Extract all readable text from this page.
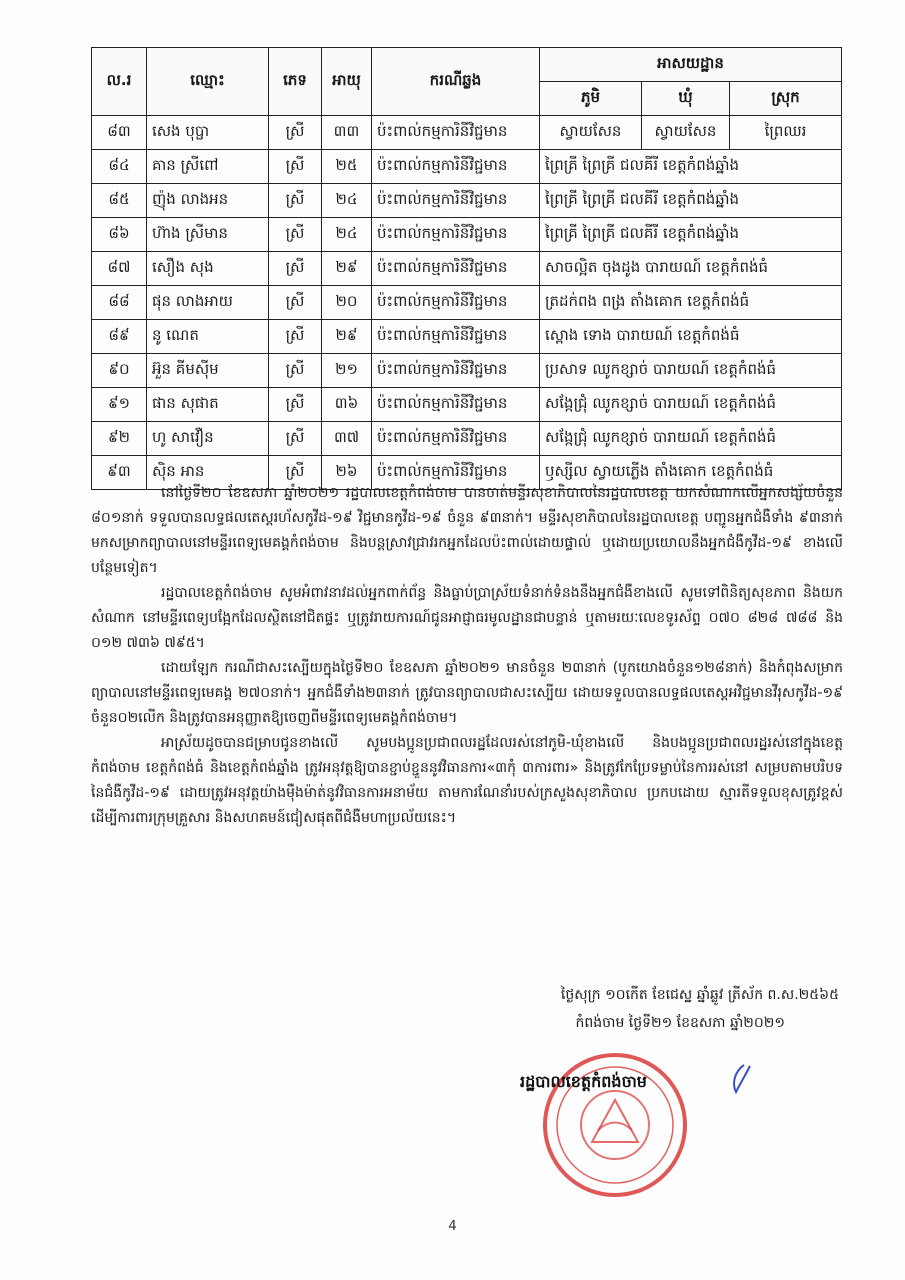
ល.រ	ឈ្មោះ	ភេទ	អាយុ	ករណីឆ្លង	អាសយដ្ឋាន		
					ភូមិ	ឃុំ	ស្រុក
៨៣	សេង បុប្ផា	ស្រី	៣៣	ប៉ះពាល់កម្មការិនីវិជ្ជមាន	ស្វាយសែន	ស្វាយសែន	ព្រៃឈរ
៨៤	គាន ស្រីពៅ	ស្រី	២៥	ប៉ះពាល់កម្មការិនីវិជ្ជមាន	ព្រៃគ្រី ព្រៃគ្រី ជលគីរី ខេត្តកំពង់ឆ្នាំង		
៨៥	ញ៉ុង លាងអន	ស្រី	២៤	ប៉ះពាល់កម្មការិនីវិជ្ជមាន	ព្រៃគ្រី ព្រៃគ្រី ជលគីរី ខេត្តកំពង់ឆ្នាំង		
៨៦	ហ៊ាង ស្រីមាន	ស្រី	២៤	ប៉ះពាល់កម្មការិនីវិជ្ជមាន	ព្រៃគ្រី ព្រៃគ្រី ជលគីរី ខេត្តកំពង់ឆ្នាំង		
៨៧	សឿង សុង	ស្រី	២៩	ប៉ះពាល់កម្មការិនីវិជ្ជមាន	សាចល្អិត ចុងដូង បារាយណ៍ ខេត្តកំពង់ធំ		
៨៨	ផុន លាងអាយ	ស្រី	២០	ប៉ះពាល់កម្មការិនីវិជ្ជមាន	ត្រដក់ពង ពង្រ តាំងគោក ខេត្តកំពង់ធំ		
៨៩	នូ ណេត	ស្រី	២៩	ប៉ះពាល់កម្មការិនីវិជ្ជមាន	ស្ពោង ទោង បារាយណ៍ ខេត្តកំពង់ធំ		
៩០	អ៊ួន គីមស៊ីម	ស្រី	២១	ប៉ះពាល់កម្មការិនីវិជ្ជមាន	ប្រសាទ ឈូកខ្សាច់ បារាយណ៍ ខេត្តកំពង់ធំ		
៩១	ផាន សុផាត	ស្រី	៣៦	ប៉ះពាល់កម្មការិនីវិជ្ជមាន	សង្កែជ្រុំ ឈូកខ្សាច់ បារាយណ៍ ខេត្តកំពង់ធំ		
៩២	ហូ សាវឿន	ស្រី	៣៧	ប៉ះពាល់កម្មការិនីវិជ្ជមាន	សង្កែជ្រុំ ឈូកខ្សាច់ បារាយណ៍ ខេត្តកំពង់ធំ		
៩៣	ស៊ិន អាន	ស្រី	២៦	ប៉ះពាល់កម្មការិនីវិជ្ជមាន	ឫស្សីល ស្វាយភ្លើង តាំងគោក ខេត្តកំពង់ធំ		

នៅថ្ងៃទី២០ ខែឧសភា ឆ្នាំ២០២១ រដ្ឋបាលខេត្តកំពង់ចាម បានចាត់មន្ទីរសុខាភិបាលនៃរដ្ឋបាលខេត្ត យកសំណាកលើអ្នកសង្ស័យចំនួន ៨០១នាក់ ទទួលបានលទ្ធផលតេស្តរហ័សកូវីដ-១៩ វិជ្ជមានកូវីដ-១៩ ចំនួន ៩៣នាក់។ មន្ទីរសុខាភិបាលនៃរដ្ឋបាលខេត្ត បញ្ជូនអ្នកជំងឺទាំង ៩៣នាក់ មកសម្រាកព្យាបាលនៅមន្ទីរពេទ្យមេគង្គកំពង់ចាម និងបន្តស្រាវជ្រាវរកអ្នកដែលប៉ះពាល់ដោយផ្ទាល់ ឬដោយប្រយោលនឹងអ្នកជំងឺកូវីដ-១៩ ខាងលើបន្ថែមទៀត។

រដ្ឋបាលខេត្តកំពង់ចាម សូមអំពាវនាវដល់អ្នកពាក់ព័ន្ធ និងធ្លាប់ប្រាស្រ័យទំនាក់ទំនងនឹងអ្នកជំងឺខាងលើ សូមទៅពិនិត្យសុខភាព និងយកសំណាក នៅមន្ទីរពេទ្យបង្អែកដែលស្ថិតនៅជិតផ្ទះ ឬត្រូវរាយការណ៍ជូនអាជ្ញាធរមូលដ្ឋានជាបន្ទាន់ ឬតាមរយៈលេខទូរស័ព្ទ ០៧០ ៨២៨ ៧៨៨ និង ០១២ ៧៣៦ ៧៩៥។

ដោយឡែក ករណីជាសះស្បើយក្នុងថ្ងៃទី២០ ខែឧសភា ឆ្នាំ២០២១ មានចំនួន ២៣នាក់ (បូកយោងចំនួន១២៨នាក់) និងកំពុងសម្រាកព្យាបាលនៅមន្ទីរពេទ្យមេគង្គ ២៧០នាក់។ អ្នកជំងឺទាំង២៣នាក់ ត្រូវបានព្យាបាលជាសះស្បើយ ដោយទទួលបានលទ្ធផលតេស្តអវិជ្ជមានវីរុសកូវីដ-១៩ ចំនួន០២លើក និងត្រូវបានអនុញ្ញាតឱ្យចេញពីមន្ទីរពេទ្យមេគង្គកំពង់ចាម។

អាស្រ័យដូចបានជម្រាបជូនខាងលើ សូមបងប្អូនប្រជាពលរដ្ឋដែលរស់នៅភូមិ-ឃុំខាងលើ និងបងប្អូនប្រជាពលរដ្ឋរស់នៅក្នុងខេត្តកំពង់ចាម ខេត្តកំពង់ធំ និងខេត្តកំពង់ឆ្នាំង ត្រូវអនុវត្តឱ្យបានខ្ជាប់ខ្ជួននូវវិធានការ«៣កុំ ៣ការពារ» និងត្រូវកែប្រែទម្លាប់នៃការរស់នៅ សម្របតាមបរិបទនៃជំងឺកូវីដ-១៩ ដោយត្រូវអនុវត្តយ៉ាងម៉ឺងម៉ាត់នូវវិធានការអនាម័យ តាមការណែនាំរបស់ក្រសួងសុខាភិបាល ប្រកបដោយ ស្មារតីទទួលខុសត្រូវខ្ពស់ ដើម្បីការពារក្រុមគ្រួសារ និងសហគមន៍ជៀសផុតពីជំងឺមហាប្រល័យនេះ។

ថ្ងៃសុក្រ ១០កើត ខែជេស្ឋ ឆ្នាំឆ្លូវ ត្រីស័ក ព.ស.២៥៦៥
កំពង់ចាម ថ្ងៃទី២១ ខែឧសភា ឆ្នាំ២០២១
រដ្ឋបាលខេត្តកំពង់ចាម
4
